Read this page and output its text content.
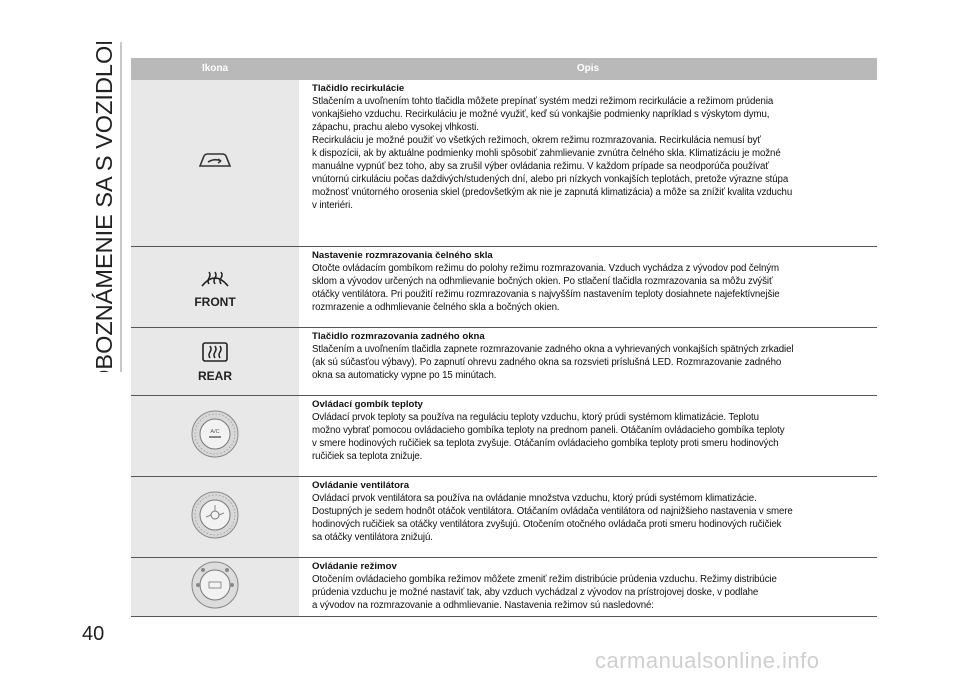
OBOZNÁMENIE SA S VOZIDLOM	Ikona	Opis
Tlačidlo recirkulácie
Stlačením a uvoľnením tohto tlačidla môžete prepínať systém medzi režimom recirkulácie a režimom prúdenia
vonkajšieho vzduchu. Recirkuláciu je možné využiť, keď sú vonkajšie podmienky napríklad s výskytom dymu,
zápachu, prachu alebo vysokej vlhkosti.
Recirkuláciu je možné použiť vo všetkých režimoch, okrem režimu rozmrazovania. Recirkulácia nemusí byť
k dispozícii, ak by aktuálne podmienky mohli spôsobiť zahmlievanie zvnútra čelného skla. Klimatizáciu je možné
manuálne vypnúť bez toho, aby sa zrušil výber ovládania režimu. V každom prípade sa neodporúča používať
vnútornú cirkuláciu počas daždivých/studených dní, alebo pri nízkych vonkajších teplotách, pretože výrazne stúpa
možnosť vnútorného orosenia skiel (predovšetkým ak nie je zapnutá klimatizácia) a môže sa znížiť kvalita vzduchu
v interiéri.
FRONT
Nastavenie rozmrazovania čelného skla
Otočte ovládacím gombíkom režimu do polohy režimu rozmrazovania. Vzduch vychádza z vývodov pod čelným
sklom a vývodov určených na odhmlievanie bočných okien. Po stlačení tlačidla rozmrazovania sa môžu zvýšiť
otáčky ventilátora. Pri použití režimu rozmrazovania s najvyšším nastavením teploty dosiahnete najefektívnejšie
rozmrazenie a odhmlievanie čelného skla a bočných okien.
REAR
Tlačidlo rozmrazovania zadného okna
Stlačením a uvoľnením tlačidla zapnete rozmrazovanie zadného okna a vyhrievaných vonkajších spätných zrkadiel
(ak sú súčasťou výbavy). Po zapnutí ohrevu zadného okna sa rozsvieti príslušná LED. Rozmrazovanie zadného
okna sa automaticky vypne po 15 minútach.
A/C
Ovládací gombík teploty
Ovládací prvok teploty sa používa na reguláciu teploty vzduchu, ktorý prúdi systémom klimatizácie. Teplotu
možno vybrať pomocou ovládacieho gombíka teploty na prednom paneli. Otáčaním ovládacieho gombíka teploty
v smere hodinových ručičiek sa teplota zvyšuje. Otáčaním ovládacieho gombíka teploty proti smeru hodinových
ručičiek sa teplota znižuje.
Ovládanie ventilátora
Ovládací prvok ventilátora sa používa na ovládanie množstva vzduchu, ktorý prúdi systémom klimatizácie.
Dostupných je sedem hodnôt otáčok ventilátora. Otáčaním ovládača ventilátora od najnižšieho nastavenia v smere
hodinových ručičiek sa otáčky ventilátora zvyšujú. Otočením otočného ovládača proti smeru hodinových ručičiek
sa otáčky ventilátora znižujú.
Ovládanie režimov
Otočením ovládacieho gombíka režimov môžete zmeniť režim distribúcie prúdenia vzduchu. Režimy distribúcie
prúdenia vzduchu je možné nastaviť tak, aby vzduch vychádzal z vývodov na prístrojovej doske, v podlahe
a vývodov na rozmrazovanie a odhmlievanie. Nastavenia režimov sú nasledovné:
40
carmanualsonline.info
